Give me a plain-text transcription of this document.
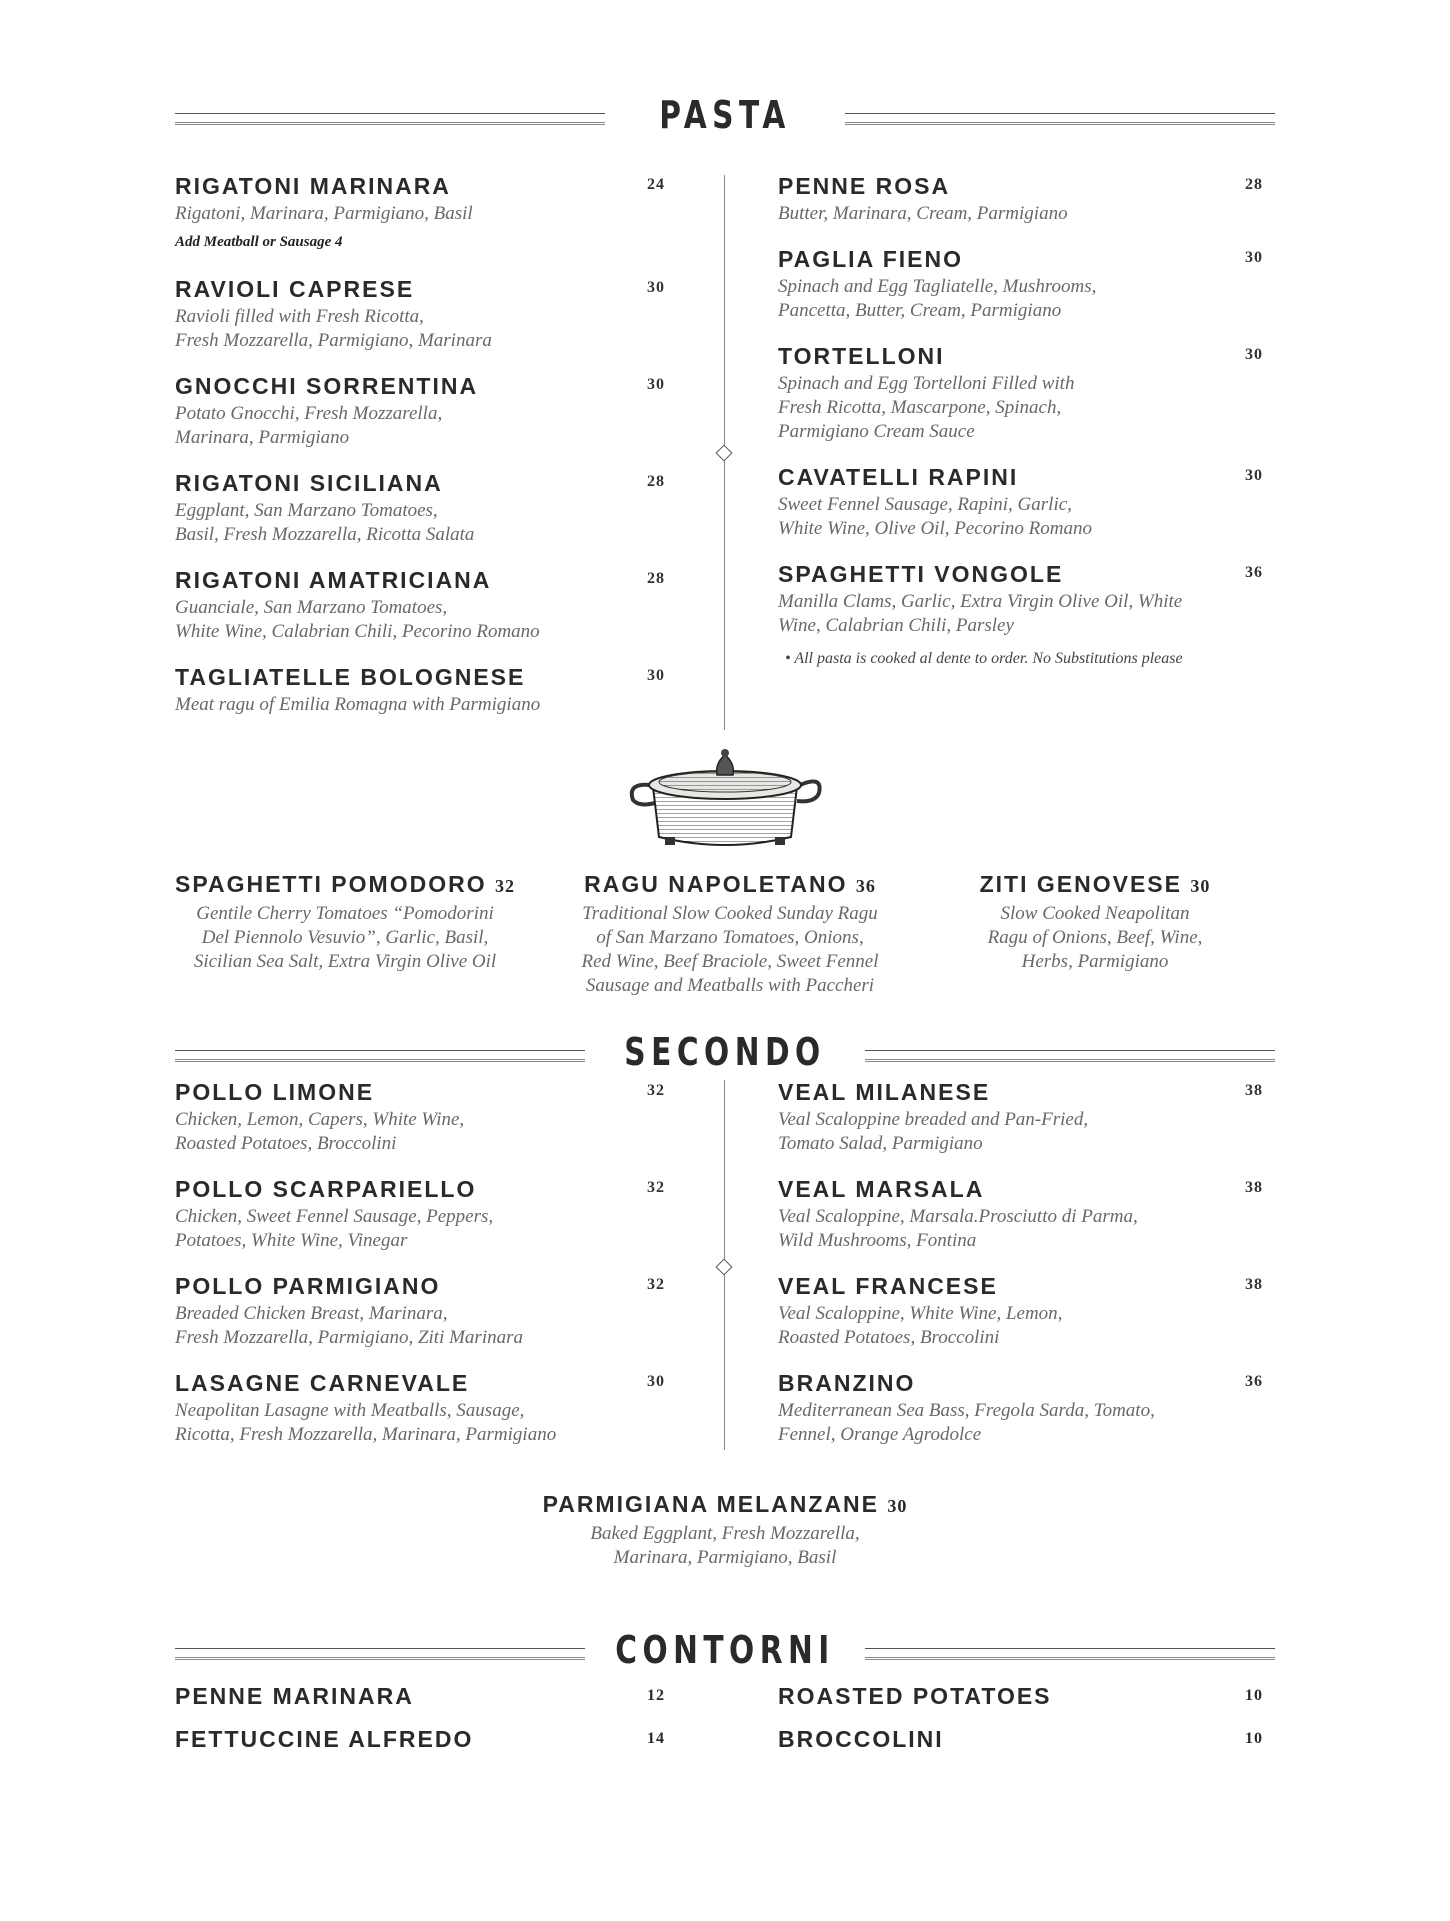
PASTA
RIGATONI MARINARA	24
Rigatoni, Marinara, Parmigiano, Basil
Add Meatball or Sausage 4
RAVIOLI CAPRESE	30
Ravioli filled with Fresh Ricotta,
Fresh Mozzarella, Parmigiano, Marinara
GNOCCHI SORRENTINA	30
Potato Gnocchi, Fresh Mozzarella,
Marinara, Parmigiano
RIGATONI SICILIANA	28
Eggplant, San Marzano Tomatoes,
Basil, Fresh Mozzarella, Ricotta Salata
RIGATONI AMATRICIANA	28
Guanciale, San Marzano Tomatoes,
White Wine, Calabrian Chili, Pecorino Romano
TAGLIATELLE BOLOGNESE	30
Meat ragu of Emilia Romagna with Parmigiano
PENNE ROSA	28
Butter, Marinara, Cream, Parmigiano
PAGLIA FIENO	30
Spinach and Egg Tagliatelle, Mushrooms,
Pancetta, Butter, Cream, Parmigiano
TORTELLONI	30
Spinach and Egg Tortelloni Filled with
Fresh Ricotta, Mascarpone, Spinach,
Parmigiano Cream Sauce
CAVATELLI RAPINI	30
Sweet Fennel Sausage, Rapini, Garlic,
White Wine, Olive Oil, Pecorino Romano
SPAGHETTI VONGOLE	36
Manilla Clams, Garlic, Extra Virgin Olive Oil, White
Wine, Calabrian Chili, Parsley
• All pasta is cooked al dente to order. No Substitutions please
SPAGHETTI POMODORO 32
Gentile Cherry Tomatoes “Pomodorini
Del Piennolo Vesuvio”, Garlic, Basil,
Sicilian Sea Salt, Extra Virgin Olive Oil
RAGU NAPOLETANO 36
Traditional Slow Cooked Sunday Ragu
of San Marzano Tomatoes, Onions,
Red Wine, Beef Braciole, Sweet Fennel
Sausage and Meatballs with Paccheri
ZITI GENOVESE 30
Slow Cooked Neapolitan
Ragu of Onions, Beef, Wine,
Herbs, Parmigiano
SECONDO
POLLO LIMONE	32
Chicken, Lemon, Capers, White Wine,
Roasted Potatoes, Broccolini
POLLO SCARPARIELLO	32
Chicken, Sweet Fennel Sausage, Peppers,
Potatoes, White Wine, Vinegar
POLLO PARMIGIANO	32
Breaded Chicken Breast, Marinara,
Fresh Mozzarella, Parmigiano, Ziti Marinara
LASAGNE CARNEVALE	30
Neapolitan Lasagne with Meatballs, Sausage,
Ricotta, Fresh Mozzarella, Marinara, Parmigiano
VEAL MILANESE	38
Veal Scaloppine breaded and Pan-Fried,
Tomato Salad, Parmigiano
VEAL MARSALA	38
Veal Scaloppine, Marsala.Prosciutto di Parma,
Wild Mushrooms, Fontina
VEAL FRANCESE	38
Veal Scaloppine, White Wine, Lemon,
Roasted Potatoes, Broccolini
BRANZINO	36
Mediterranean Sea Bass, Fregola Sarda, Tomato,
Fennel, Orange Agrodolce
PARMIGIANA MELANZANE 30
Baked Eggplant, Fresh Mozzarella,
Marinara, Parmigiano, Basil
CONTORNI
PENNE MARINARA	12
FETTUCCINE ALFREDO	14
ROASTED POTATOES	10
BROCCOLINI	10
